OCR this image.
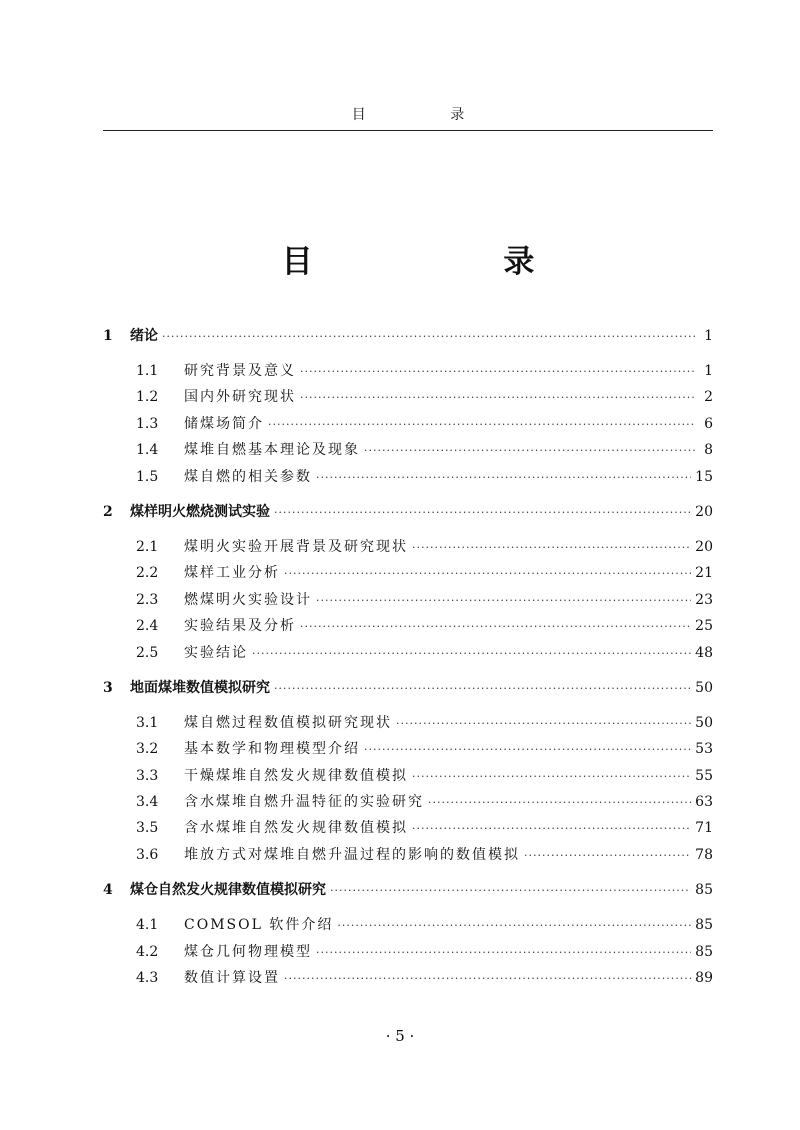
目 录
目 录
1	绪论 ·····	1
1.1	研究背景及意义 ·····	1
1.2	国内外研究现状 ·····	2
1.3	储煤场简介 ·····	6
1.4	煤堆自燃基本理论及现象 ·····	8
1.5	煤自燃的相关参数 ·····	15
2	煤样明火燃烧测试实验 ·····	20
2.1	煤明火实验开展背景及研究现状 ·····	20
2.2	煤样工业分析 ·····	21
2.3	燃煤明火实验设计 ·····	23
2.4	实验结果及分析 ·····	25
2.5	实验结论 ·····	48
3	地面煤堆数值模拟研究 ·····	50
3.1	煤自燃过程数值模拟研究现状 ·····	50
3.2	基本数学和物理模型介绍 ·····	53
3.3	干燥煤堆自然发火规律数值模拟 ·····	55
3.4	含水煤堆自燃升温特征的实验研究 ·····	63
3.5	含水煤堆自然发火规律数值模拟 ·····	71
3.6	堆放方式对煤堆自燃升温过程的影响的数值模拟 ·····	78
4	煤仓自然发火规律数值模拟研究 ·····	85
4.1	COMSOL 软件介绍 ·····	85
4.2	煤仓几何物理模型 ·····	85
4.3	数值计算设置 ·····	89
· 5 ·
